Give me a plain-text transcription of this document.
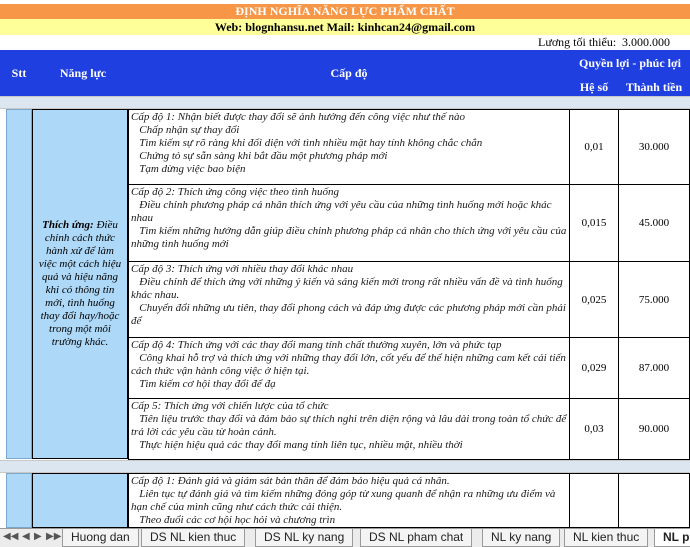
ĐỊNH NGHĨA NĂNG LỰC PHẨM CHẤT
Web: blognhansu.net Mail: kinhcan24@gmail.com
Lương tối thiểu: 3.000.000
Stt	Năng lực	Cấp độ
Quyền lợi - phúc lợi
Hệ số	Thành tiền
Thích ứng: Điều chỉnh cách thức hành xử để làm việc một cách hiệu quả và hiệu năng khi có thông tin mới, tình huống thay đổi hay/hoặc trong một môi trường khác.
Cấp độ 1: Nhận biết được thay đổi sẽ ảnh hưởng đến công việc như thế nào
Chấp nhận sự thay đổi
Tìm kiếm sự rõ ràng khi đối diện với tình nhiều mặt hay tính không chắc chắn
Chứng tỏ sự sẵn sàng khi bắt đầu một phương pháp mới
Tạm dừng việc bao biện
0,01	30.000
Cấp độ 2: Thích ứng công việc theo tình huống
Điều chỉnh phương pháp cá nhân thích ứng với yêu cầu của những tình huống mới hoặc khác nhau
Tìm kiếm những hướng dẫn giúp điều chỉnh phương pháp cá nhân cho thích ứng với yêu cầu của những tình huống mới
0,015	45.000
Cấp độ 3: Thích ứng với nhiều thay đổi khác nhau
Điều chỉnh để thích ứng với những ý kiến và sáng kiến mới trong rất nhiều vấn đề và tình huống khác nhau.
Chuyển đổi những ưu tiên, thay đổi phong cách và đáp ứng được các phương pháp mới cần phải để
0,025	75.000
Cấp độ 4: Thích ứng với các thay đổi mang tính chất thường xuyên, lớn và phức tạp
Công khai hỗ trợ và thích ứng với những thay đổi lớn, cốt yếu để thể hiện những cam kết cải tiến cách thức vận hành công việc ở hiện tại.
Tìm kiếm cơ hội thay đổi để đạ
0,029	87.000
Cấp 5: Thích ứng với chiến lược của tổ chức
Tiên liệu trước thay đổi và đảm bảo sự thích nghi trên diện rộng và lâu dài trong toàn tổ chức để trả lời các yêu cầu từ hoàn cảnh.
Thực hiện hiệu quả các thay đổi mang tính liên tục, nhiều mặt, nhiều thời
0,03	90.000
Cấp độ 1: Đánh giá và giám sát bản thân để đảm bảo hiệu quả cá nhân.
Liên tục tự đánh giá và tìm kiếm những đóng góp từ xung quanh để nhận ra những ưu điểm và hạn chế của mình cũng như cách thức cải thiện.
Theo đuổi các cơ hội học hỏi và chương trìn
◀◀ ◀ ▶ ▶▶ Huong dan	DS NL kien thuc	DS NL ky nang	DS NL pham chat	NL ky nang	NL kien thuc	NL p
